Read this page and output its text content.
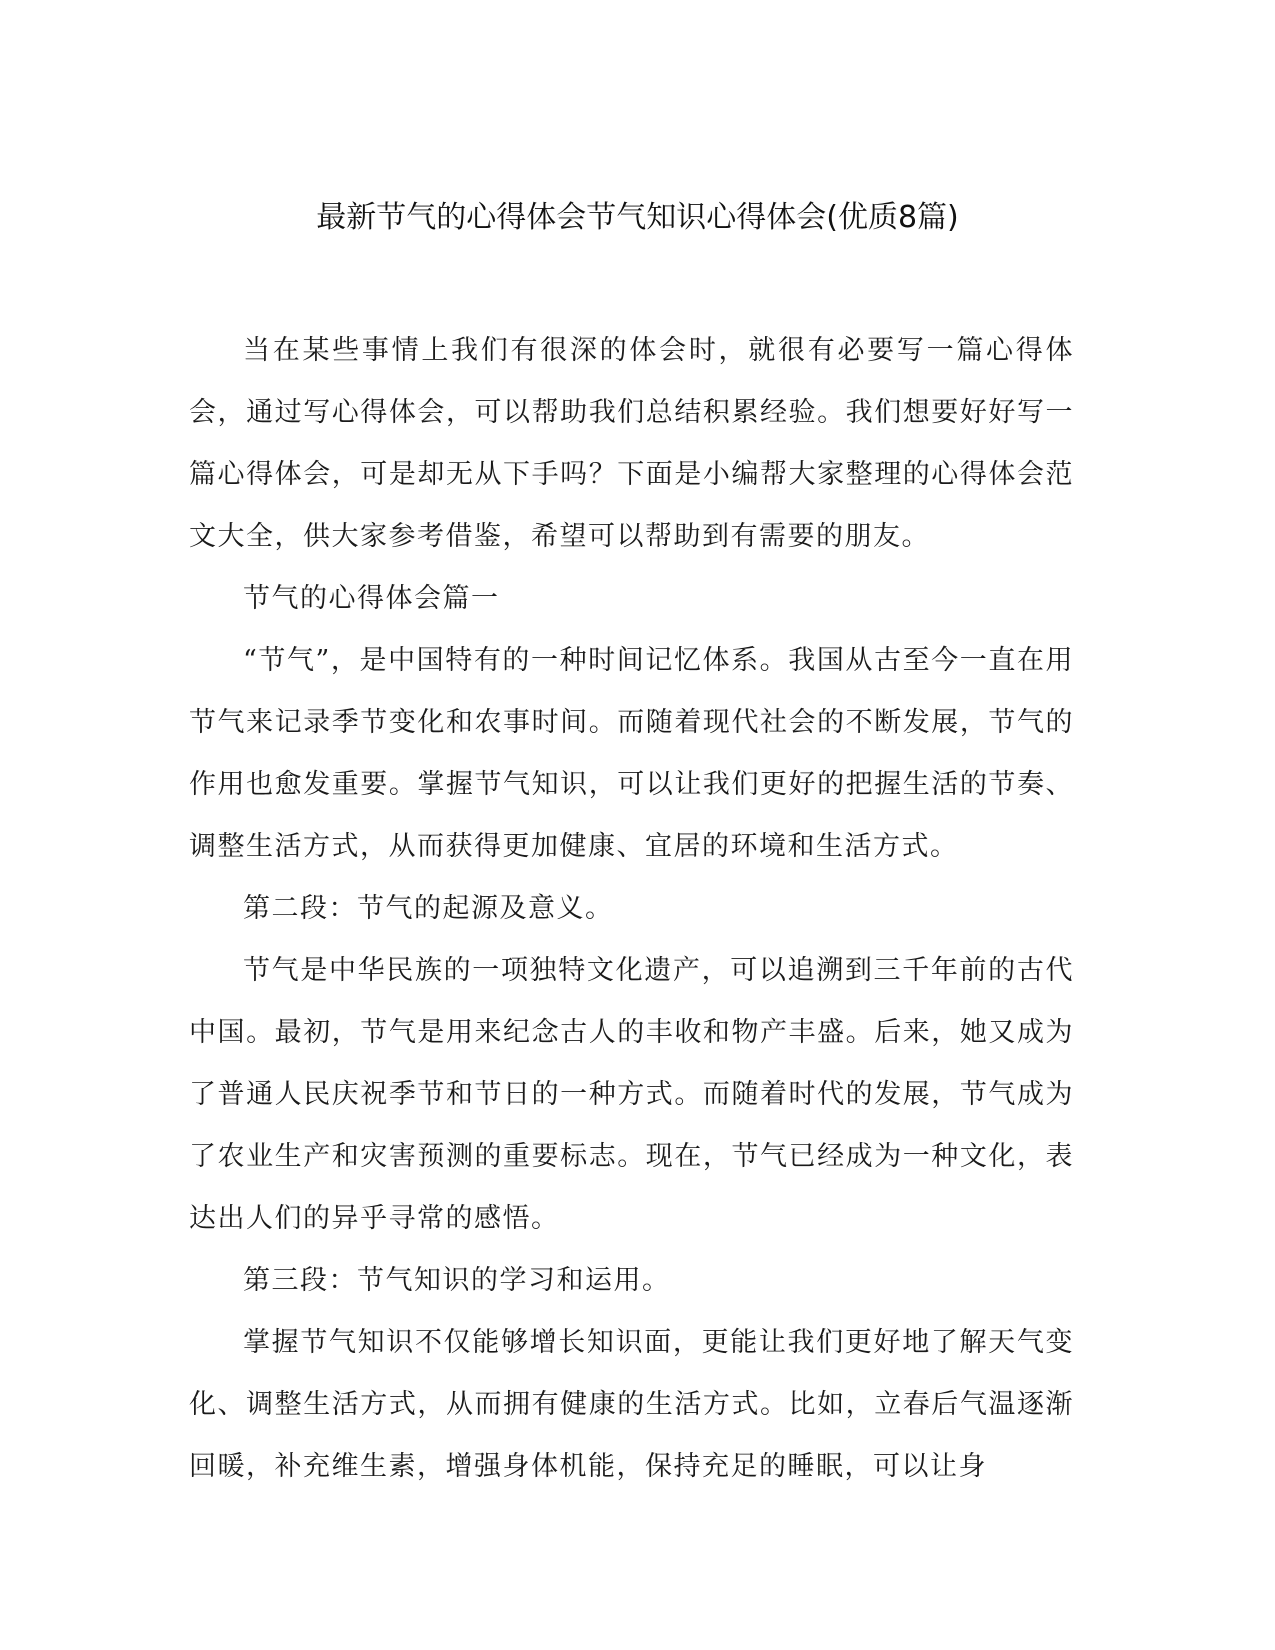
最新节气的心得体会节气知识心得体会(优质8篇)

当在某些事情上我们有很深的体会时，就很有必要写一篇心得体会，通过写心得体会，可以帮助我们总结积累经验。我们想要好好写一篇心得体会，可是却无从下手吗？下面是小编帮大家整理的心得体会范文大全，供大家参考借鉴，希望可以帮助到有需要的朋友。

节气的心得体会篇一

“节气”，是中国特有的一种时间记忆体系。我国从古至今一直在用节气来记录季节变化和农事时间。而随着现代社会的不断发展，节气的作用也愈发重要。掌握节气知识，可以让我们更好的把握生活的节奏、调整生活方式，从而获得更加健康、宜居的环境和生活方式。

第二段：节气的起源及意义。

节气是中华民族的一项独特文化遗产，可以追溯到三千年前的古代中国。最初，节气是用来纪念古人的丰收和物产丰盛。后来，她又成为了普通人民庆祝季节和节日的一种方式。而随着时代的发展，节气成为了农业生产和灾害预测的重要标志。现在，节气已经成为一种文化，表达出人们的异乎寻常的感悟。

第三段：节气知识的学习和运用。

掌握节气知识不仅能够增长知识面，更能让我们更好地了解天气变化、调整生活方式，从而拥有健康的生活方式。比如，立春后气温逐渐回暖，补充维生素，增强身体机能，保持充足的睡眠，可以让身
